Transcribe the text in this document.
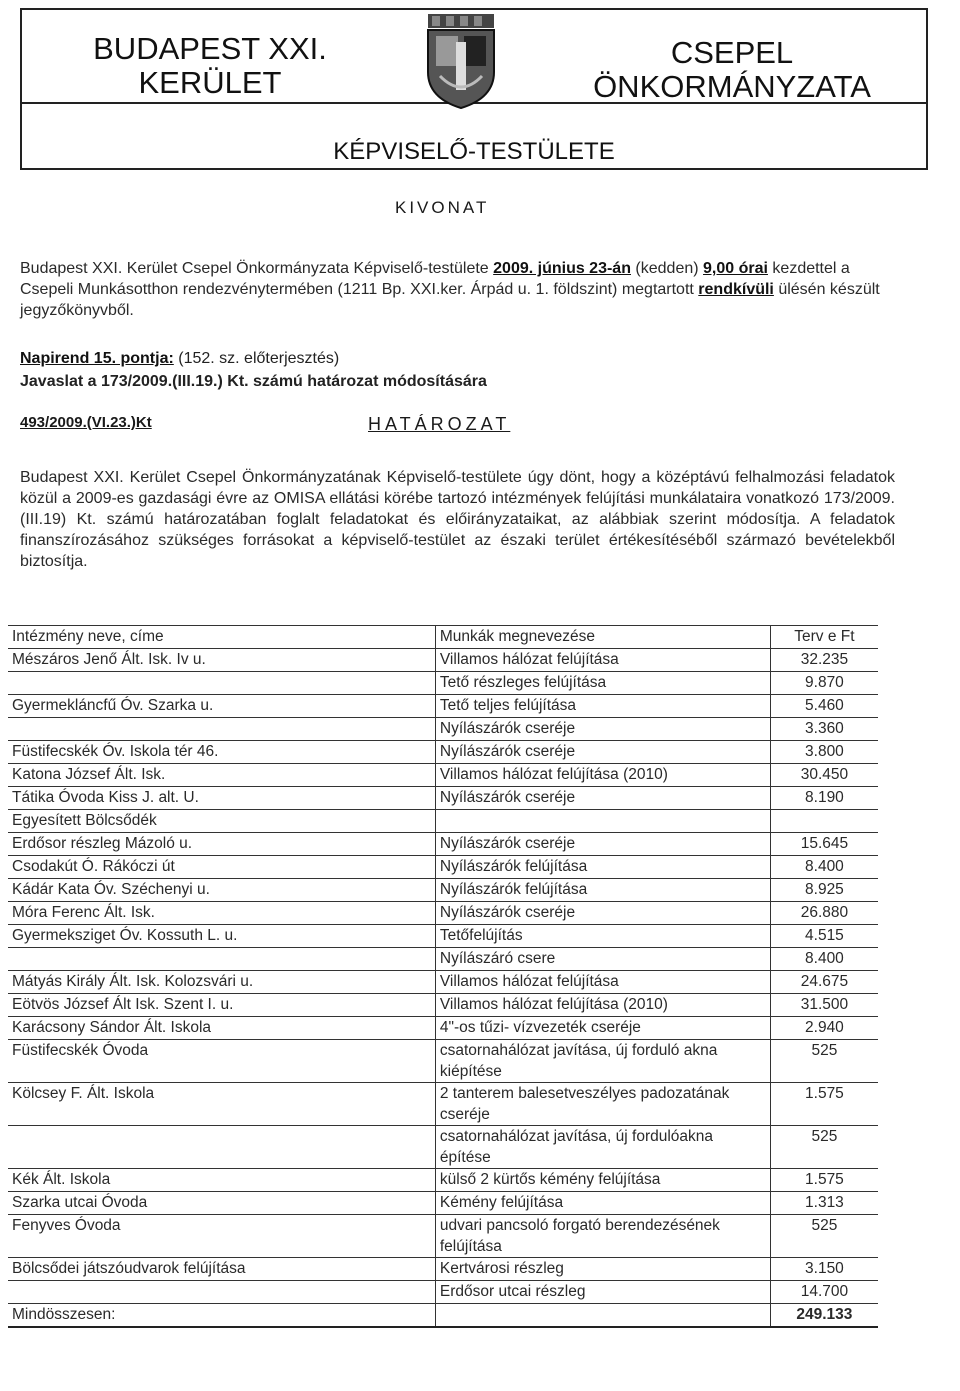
BUDAPEST XXI.
KERÜLET
CSEPEL
ÖNKORMÁNYZATA
KÉPVISELŐ-TESTÜLETE
KIVONAT
Budapest XXI. Kerület Csepel Önkormányzata Képviselő-testülete 2009. június 23-án (kedden) 9,00 órai kezdettel a Csepeli Munkásotthon rendezvénytermében (1211 Bp. XXI.ker. Árpád u. 1. földszint) megtartott rendkívüli ülésén készült jegyzőkönyvből.
Napirend 15. pontja: (152. sz. előterjesztés)
Javaslat a 173/2009.(III.19.) Kt. számú határozat módosítására
493/2009.(VI.23.)Kt	HATÁROZAT
Budapest XXI. Kerület Csepel Önkormányzatának Képviselő-testülete úgy dönt, hogy a középtávú felhalmozási feladatok közül a 2009-es gazdasági évre az OMISA ellátási körébe tartozó intézmények felújítási munkálataira vonatkozó 173/2009. (III.19) Kt. számú határozatában foglalt feladatokat és előirányzataikat, az alábbiak szerint módosítja. A feladatok finanszírozásához szükséges forrásokat a képviselő-testület az északi terület értékesítéséből származó bevételekből biztosítja.
Intézmény neve, címe	Munkák megnevezése	Terv e Ft
Mészáros Jenő Ált. Isk. Iv u.	Villamos hálózat felújítása	32.235
	Tető részleges felújítása	9.870
Gyermekláncfű Óv. Szarka u.	Tető teljes felújítása	5.460
	Nyílászárók cseréje	3.360
Füstifecskék Óv. Iskola tér 46.	Nyílászárók cseréje	3.800
Katona József Ált. Isk.	Villamos hálózat felújítása (2010)	30.450
Tátika Óvoda Kiss J. alt. U.	Nyílászárók cseréje	8.190
Egyesített Bölcsődék		
Erdősor részleg Mázoló u.	Nyílászárók cseréje	15.645
Csodakút Ó. Rákóczi út	Nyílászárók felújítása	8.400
Kádár Kata Óv. Széchenyi u.	Nyílászárók felújítása	8.925
Móra Ferenc Ált. Isk.	Nyílászárók cseréje	26.880
Gyermeksziget Óv. Kossuth L. u.	Tetőfelújítás	4.515
	Nyílászáró csere	8.400
Mátyás Király Ált. Isk. Kolozsvári u.	Villamos hálózat felújítása	24.675
Eötvös József Ált Isk. Szent I. u.	Villamos hálózat felújítása (2010)	31.500
Karácsony Sándor Ált. Iskola	4"-os tűzi- vízvezeték cseréje	2.940
Füstifecskék Óvoda	csatornahálózat javítása, új forduló akna kiépítése	525
Kölcsey F. Ált. Iskola	2 tanterem balesetveszélyes padozatának cseréje	1.575
	csatornahálózat javítása, új fordulóakna építése	525
Kék Ált. Iskola	külső 2 kürtős kémény felújítása	1.575
Szarka utcai Óvoda	Kémény felújítása	1.313
Fenyves Óvoda	udvari pancsoló forgató berendezésének felújítása	525
Bölcsődei játszóudvarok felújítása	Kertvárosi részleg	3.150
	Erdősor utcai részleg	14.700
Mindösszesen:		249.133
